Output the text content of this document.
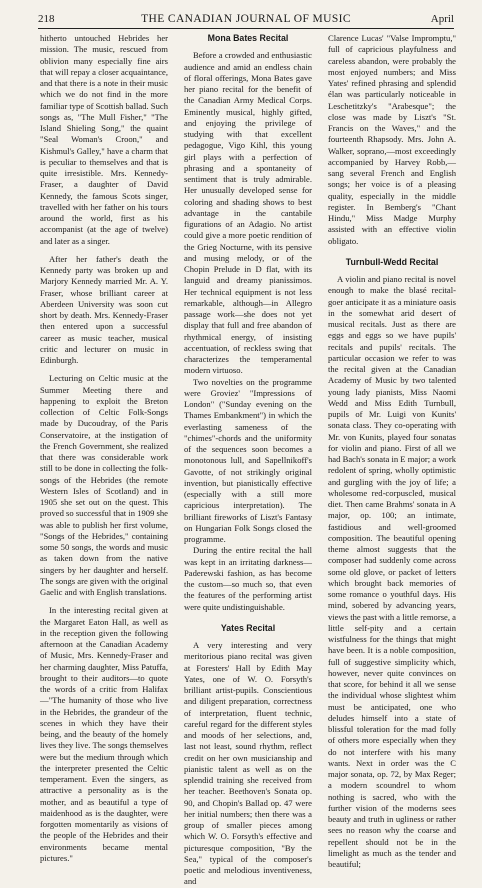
218	THE CANADIAN JOURNAL OF MUSIC	April

hitherto untouched Hebrides her mission. The music, rescued from oblivion many especially fine airs that will repay a closer acquaintance, and that there is a note in their music which we do not find in the more familiar type of Scottish ballad. Such songs as, "The Mull Fisher," "The Island Shieling Song," the quaint "Seal Woman's Croon," and Kishmul's Galley," have a charm that is peculiar to themselves and that is quite irresistible. Mrs. Kennedy-Fraser, a daughter of David Kennedy, the famous Scots singer, travelled with her father on his tours around the world, first as his accompanist (at the age of twelve) and later as a singer.

After her father's death the Kennedy party was broken up and Marjory Kennedy married Mr. A. Y. Fraser, whose brilliant career at Aberdeen University was soon cut short by death. Mrs. Kennedy-Fraser then entered upon a successful career as music teacher, musical critic and lecturer on music in Edinburgh.

Lecturing on Celtic music at the Summer Meeting there and happening to exploit the Breton collection of Celtic Folk-Songs made by Ducoudray, of the Paris Conservatoire, at the instigation of the French Government, she realized that there was considerable work still to be done in collecting the folk-songs of the Hebrides (the remote Western Isles of Scotland) and in 1905 she set out on the quest. This proved so successful that in 1909 she was able to publish her first volume, "Songs of the Hebrides," containing some 50 songs, the words and music as taken down from the native singers by her daughter and herself. The songs are given with the original Gaelic and with English translations.

In the interesting recital given at the Margaret Eaton Hall, as well as in the reception given the following afternoon at the Canadian Academy of Music, Mrs. Kennedy-Fraser and her charming daughter, Miss Patuffa, brought to their auditors—to quote the words of a critic from Halifax—"The humanity of those who live in the Hebrides, the grandeur of the scenes in which they have their being, and the beauty of the homely lives they live. The songs themselves were but the medium through which the interpreter presented the Celtic temperament. Even the singers, as attractive a personality as is the mother, and as beautiful a type of maidenhood as is the daughter, were forgotten momentarily as visions of the people of the Hebrides and their environments became mental pictures."

Mona Bates Recital

Before a crowded and enthusiastic audience and amid an endless chain of floral offerings, Mona Bates gave her piano recital for the benefit of the Canadian Army Medical Corps. Eminently musical, highly gifted, and enjoying the privilege of studying with that excellent pedagogue, Vigo Kihl, this young girl plays with a perfection of phrasing and a spontaneity of sentiment that is truly admirable. Her unusually developed sense for coloring and shading shows to best advantage in the cantabile figurations of an Adagio. No artist could give a more poetic rendition of the Grieg Nocturne, with its pensive and musing melody, or of the Chopin Prelude in D flat, with its languid and dreamy pianissimos. Her technical equipment is not less remarkable, although—in Allegro passage work—she does not yet display that full and free abandon of rhythmical energy, of insisting accentuation, of reckless swing that characterizes the temperamental modern virtuoso.

Two novelties on the programme were Groviez' "Impressions of London" ("Sunday evening on the Thames Embankment") in which the everlasting sameness of the "chimes"-chords and the uniformity of the sequences soon becomes a monotonous lull, and Sapellnikoff's Gavotte, of not strikingly original invention, but pianistically effective (especially with a still more capricious interpretation). The brilliant fireworks of Liszt's Fantasy on Hungarian Folk Songs closed the programme.

During the entire recital the hall was kept in an irritating darkness—Paderewski fashion, as has become the custom—so much so, that even the features of the performing artist were quite undistinguishable.

Yates Recital

A very interesting and very meritorious piano recital was given at Foresters' Hall by Edith May Yates, one of W. O. Forsyth's brilliant artist-pupils. Conscientious and diligent preparation, correctness of interpretation, fluent technic, careful regard for the different styles and moods of her selections, and, last not least, sound rhythm, reflect credit on her own musicianship and pianistic talent as well as on the splendid training she received from her teacher. Beethoven's Sonata op. 90, and Chopin's Ballad op. 47 were her initial numbers; then there was a group of smaller pieces among which W. O. Forsyth's effective and picturesque composition, "By the Sea," typical of the composer's poetic and melodious inventiveness, and

Clarence Lucas' "Valse Impromptu," full of capricious playfulness and careless abandon, were probably the most enjoyed numbers; and Miss Yates' refined phrasing and splendid élan was particularly noticeable in Leschetitzky's "Arabesque"; the close was made by Liszt's "St. Francis on the Waves," and the fourteenth Rhapsody. Mrs. John A. Walker, soprano,—most exceedingly accompanied by Harvey Robb,—sang several French and English songs; her voice is of a pleasing quality, especially in the middle register. In Bemberg's "Chant Hindu," Miss Madge Murphy assisted with an effective violin obligato.

Turnbull-Wedd Recital

A violin and piano recital is novel enough to make the blasé recital-goer anticipate it as a miniature oasis in the somewhat arid desert of musical recitals. Just as there are eggs and eggs so we have pupils' recitals and pupils' recitals. The particular occasion we refer to was the recital given at the Canadian Academy of Music by two talented young lady pianists, Miss Naomi Wedd and Miss Edith Turnbull, pupils of Mr. Luigi von Kunits' sonata class. They co-operating with Mr. von Kunits, played four sonatas for violin and piano. First of all we had Bach's sonata in E major; a work redolent of spring, wholly optimistic and gurgling with the joy of life; a wholesome red-corpuscled, musical diet. Then came Brahms' sonata in A major, op. 100; an intimate, fastidious and well-groomed composition. The beautiful opening theme almost suggests that the composer had suddenly come across some old glove, or packet of letters which brought back memories of some romance o youthful days. His mind, sobered by advancing years, views the past with a little remorse, a little self-pity and a certain wistfulness for the things that might have been. It is a noble composition, full of suggestive simplicity which, however, never quite convinces on that score, for behind it all we sense the individual whose slightest whim must be anticipated, one who deludes himself into a state of blissful toleration for the mad folly of others more especially when they do not interfere with his many wants. Next in order was the C major sonata, op. 72, by Max Reger; a modern scoundrel to whom nothing is sacred, who with the further vision of the moderns sees beauty and truth in ugliness or rather sees no reason why the coarse and repellent should not be in the limelight as much as the tender and beautiful;
